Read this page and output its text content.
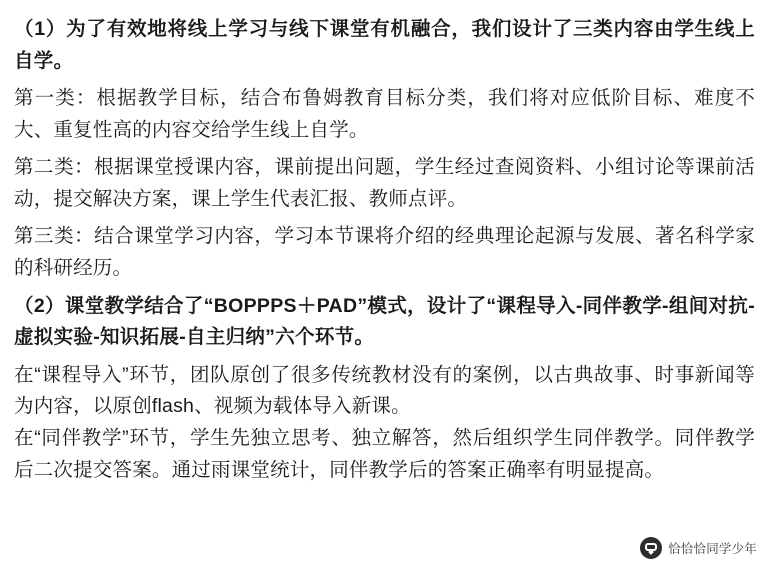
（1）为了有效地将线上学习与线下课堂有机融合，我们设计了三类内容由学生线上自学。

第一类：根据教学目标，结合布鲁姆教育目标分类，我们将对应低阶目标、难度不大、重复性高的内容交给学生线上自学。

第二类：根据课堂授课内容，课前提出问题，学生经过查阅资料、小组讨论等课前活动，提交解决方案，课上学生代表汇报、教师点评。

第三类：结合课堂学习内容，学习本节课将介绍的经典理论起源与发展、著名科学家的科研经历。

（2）课堂教学结合了“BOPPPS＋PAD”模式，设计了“课程导入-同伴教学-组间对抗-虚拟实验-知识拓展-自主归纳”六个环节。

在“课程导入”环节，团队原创了很多传统教材没有的案例，以古典故事、时事新闻等为内容，以原创flash、视频为载体导入新课。

在“同伴教学”环节，学生先独立思考、独立解答，然后组织学生同伴教学。同伴教学后二次提交答案。通过雨课堂统计，同伴教学后的答案正确率有明显提高。

恰恰恰同学少年
